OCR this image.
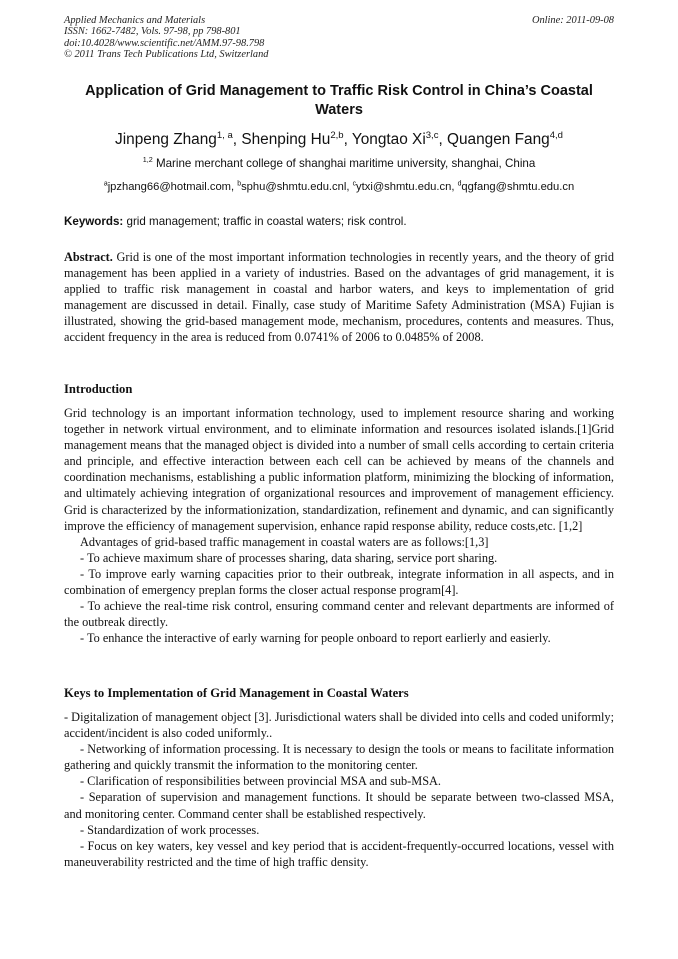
Applied Mechanics and Materials
ISSN: 1662-7482, Vols. 97-98, pp 798-801
doi:10.4028/www.scientific.net/AMM.97-98.798
© 2011 Trans Tech Publications Ltd, Switzerland
Online: 2011-09-08
Application of Grid Management to Traffic Risk Control in China’s Coastal Waters
Jinpeng Zhang$^{1, a}$, Shenping Hu$^{2,b}$, Yongtao Xi$^{3,c}$, Quangen Fang$^{4,d}$
$^{1,2}$ Marine merchant college of shanghai maritime university, shanghai, China
$^a$jpzhang66@hotmail.com, $^b$sphu@shmtu.edu.cnl, $^c$ytxi@shmtu.edu.cn, $^d$qgfang@shmtu.edu.cn
Keywords: grid management; traffic in coastal waters; risk control.
Abstract. Grid is one of the most important information technologies in recently years, and the theory of grid management has been applied in a variety of industries. Based on the advantages of grid management, it is applied to traffic risk management in coastal and harbor waters, and keys to implementation of grid management are discussed in detail. Finally, case study of Maritime Safety Administration (MSA) Fujian is illustrated, showing the grid-based management mode, mechanism, procedures, contents and measures. Thus, accident frequency in the area is reduced from 0.0741% of 2006 to 0.0485% of 2008.
Introduction

Grid technology is an important information technology, used to implement resource sharing and working together in network virtual environment, and to eliminate information and resources isolated islands.[1]Grid management means that the managed object is divided into a number of small cells according to certain criteria and principle, and effective interaction between each cell can be achieved by means of the channels and coordination mechanisms, establishing a public information platform, minimizing the blocking of information, and ultimately achieving integration of organizational resources and improvement of management efficiency. Grid is characterized by the informationization, standardization, refinement and dynamic, and can significantly improve the efficiency of management supervision, enhance rapid response ability, reduce costs,etc. [1,2]

Advantages of grid-based traffic management in coastal waters are as follows:[1,3]

- To achieve maximum share of processes sharing, data sharing, service port sharing.

- To improve early warning capacities prior to their outbreak, integrate information in all aspects, and in combination of emergency preplan forms the closer actual response program[4].

- To achieve the real-time risk control, ensuring command center and relevant departments are informed of the outbreak directly.

- To enhance the interactive of early warning for people onboard to report earlierly and easierly.

Keys to Implementation of Grid Management in Coastal Waters

- Digitalization of management object [3]. Jurisdictional waters shall be divided into cells and coded uniformly; accident/incident is also coded uniformly..

- Networking of information processing. It is necessary to design the tools or means to facilitate information gathering and quickly transmit the information to the monitoring center.

- Clarification of responsibilities between provincial MSA and sub-MSA.

- Separation of supervision and management functions. It should be separate between two-classed MSA, and monitoring center. Command center shall be established respectively.

- Standardization of work processes.

- Focus on key waters, key vessel and key period that is accident-frequently-occurred locations, vessel with maneuverability restricted and the time of high traffic density.
